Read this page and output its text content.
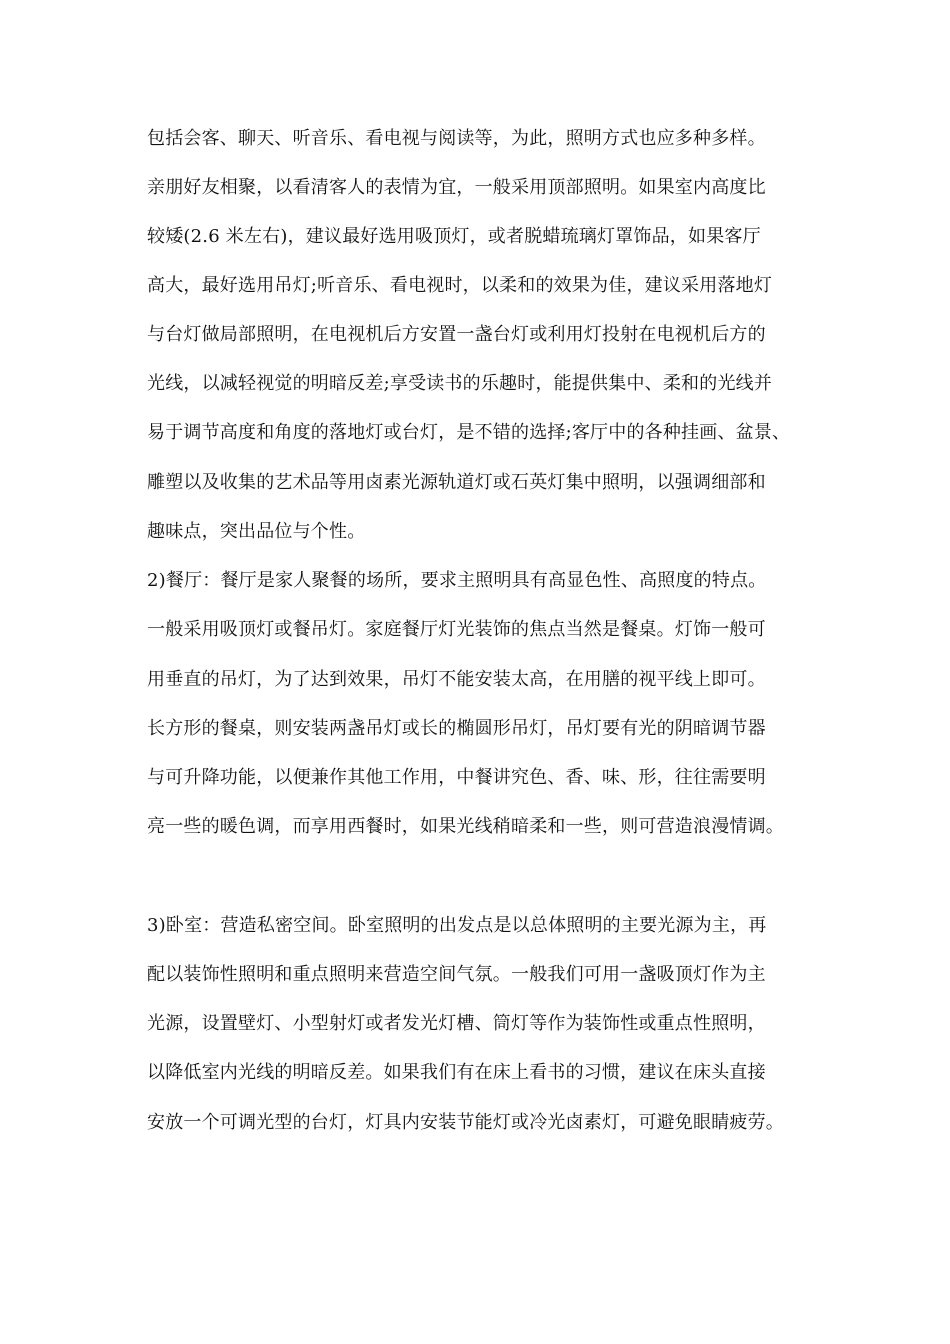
包括会客、聊天、听音乐、看电视与阅读等，为此，照明方式也应多种多样。
亲朋好友相聚，以看清客人的表情为宜，一般采用顶部照明。如果室内高度比
较矮(2.6 米左右)，建议最好选用吸顶灯，或者脱蜡琉璃灯罩饰品，如果客厅
高大，最好选用吊灯;听音乐、看电视时，以柔和的效果为佳，建议采用落地灯
与台灯做局部照明，在电视机后方安置一盏台灯或利用灯投射在电视机后方的
光线，以减轻视觉的明暗反差;享受读书的乐趣时，能提供集中、柔和的光线并
易于调节高度和角度的落地灯或台灯，是不错的选择;客厅中的各种挂画、盆景、
雕塑以及收集的艺术品等用卤素光源轨道灯或石英灯集中照明，以强调细部和
趣味点，突出品位与个性。
2)餐厅：餐厅是家人聚餐的场所，要求主照明具有高显色性、高照度的特点。
一般采用吸顶灯或餐吊灯。家庭餐厅灯光装饰的焦点当然是餐桌。灯饰一般可
用垂直的吊灯，为了达到效果，吊灯不能安装太高，在用膳的视平线上即可。
长方形的餐桌，则安装两盏吊灯或长的椭圆形吊灯，吊灯要有光的阴暗调节器
与可升降功能，以便兼作其他工作用，中餐讲究色、香、味、形，往往需要明
亮一些的暖色调，而享用西餐时，如果光线稍暗柔和一些，则可营造浪漫情调。
3)卧室：营造私密空间。卧室照明的出发点是以总体照明的主要光源为主，再
配以装饰性照明和重点照明来营造空间气氛。一般我们可用一盏吸顶灯作为主
光源，设置壁灯、小型射灯或者发光灯槽、筒灯等作为装饰性或重点性照明，
以降低室内光线的明暗反差。如果我们有在床上看书的习惯，建议在床头直接
安放一个可调光型的台灯，灯具内安装节能灯或冷光卤素灯，可避免眼睛疲劳。
